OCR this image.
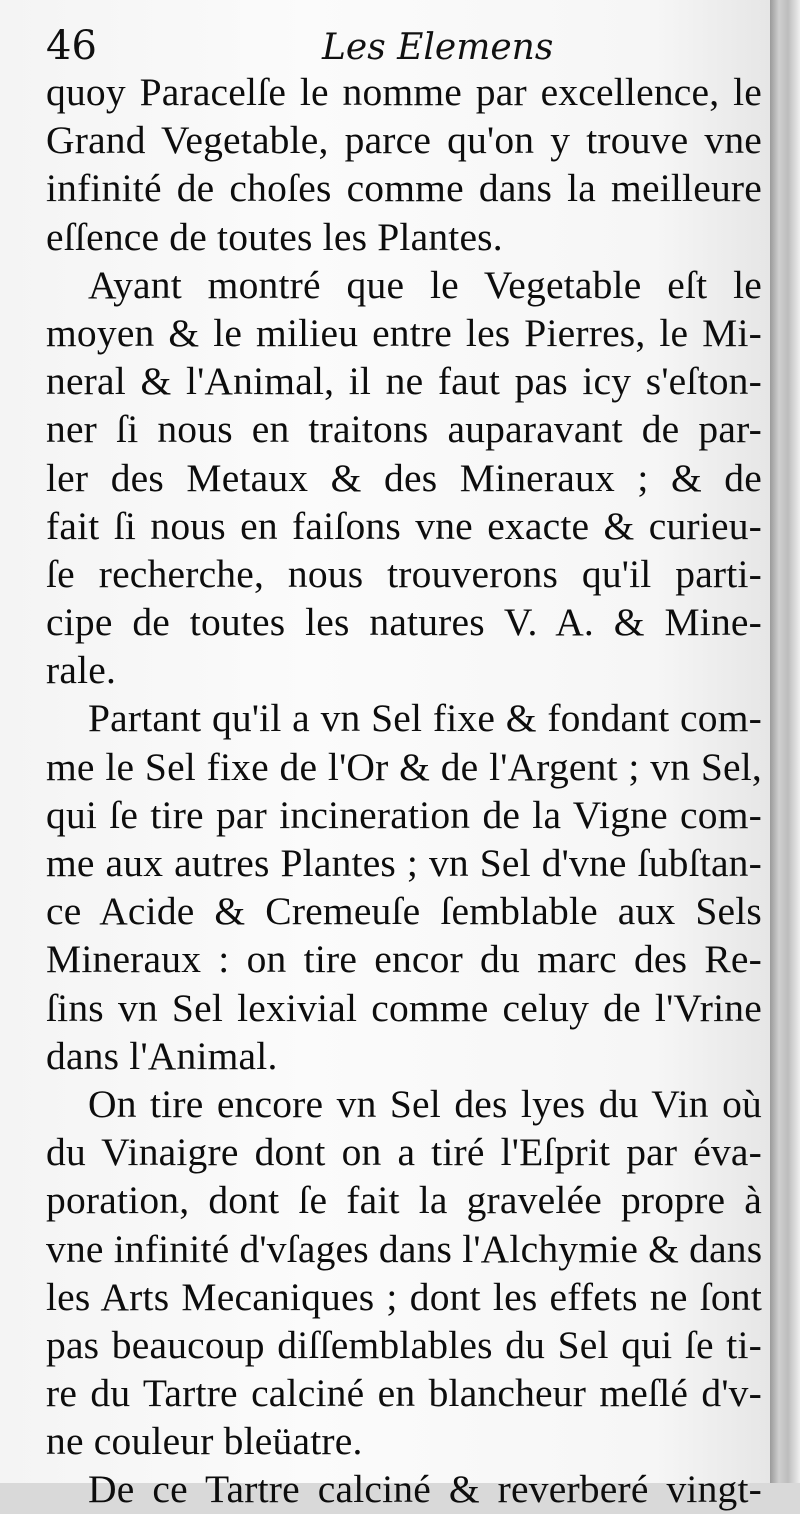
46	Les Elemens
quoy Paracelſe le nomme par excellence, le
Grand Vegetable, parce qu'on y trouve vne
infinité de choſes comme dans la meilleure
eſſence de toutes les Plantes.
Ayant montré que le Vegetable eſt le
moyen & le milieu entre les Pierres, le Mi-
neral & l'Animal, il ne faut pas icy s'eſton-
ner ſi nous en traitons auparavant de par-
ler des Metaux & des Mineraux ; & de
fait ſi nous en faiſons vne exacte & curieu-
ſe recherche, nous trouverons qu'il parti-
cipe de toutes les natures V. A. & Mine-
rale.
Partant qu'il a vn Sel fixe & fondant com-
me le Sel fixe de l'Or & de l'Argent ; vn Sel,
qui ſe tire par incineration de la Vigne com-
me aux autres Plantes ; vn Sel d'vne ſubſtan-
ce Acide & Cremeuſe ſemblable aux Sels
Mineraux : on tire encor du marc des Re-
ſins vn Sel lexivial comme celuy de l'Vrine
dans l'Animal.
On tire encore vn Sel des lyes du Vin où
du Vinaigre dont on a tiré l'Eſprit par éva-
poration, dont ſe fait la gravelée propre à
vne infinité d'vſages dans l'Alchymie & dans
les Arts Mecaniques ; dont les effets ne ſont
pas beaucoup diſſemblables du Sel qui ſe ti-
re du Tartre calciné en blancheur meſlé d'v-
ne couleur bleüatre.
De ce Tartre calciné & reverberé vingt-
